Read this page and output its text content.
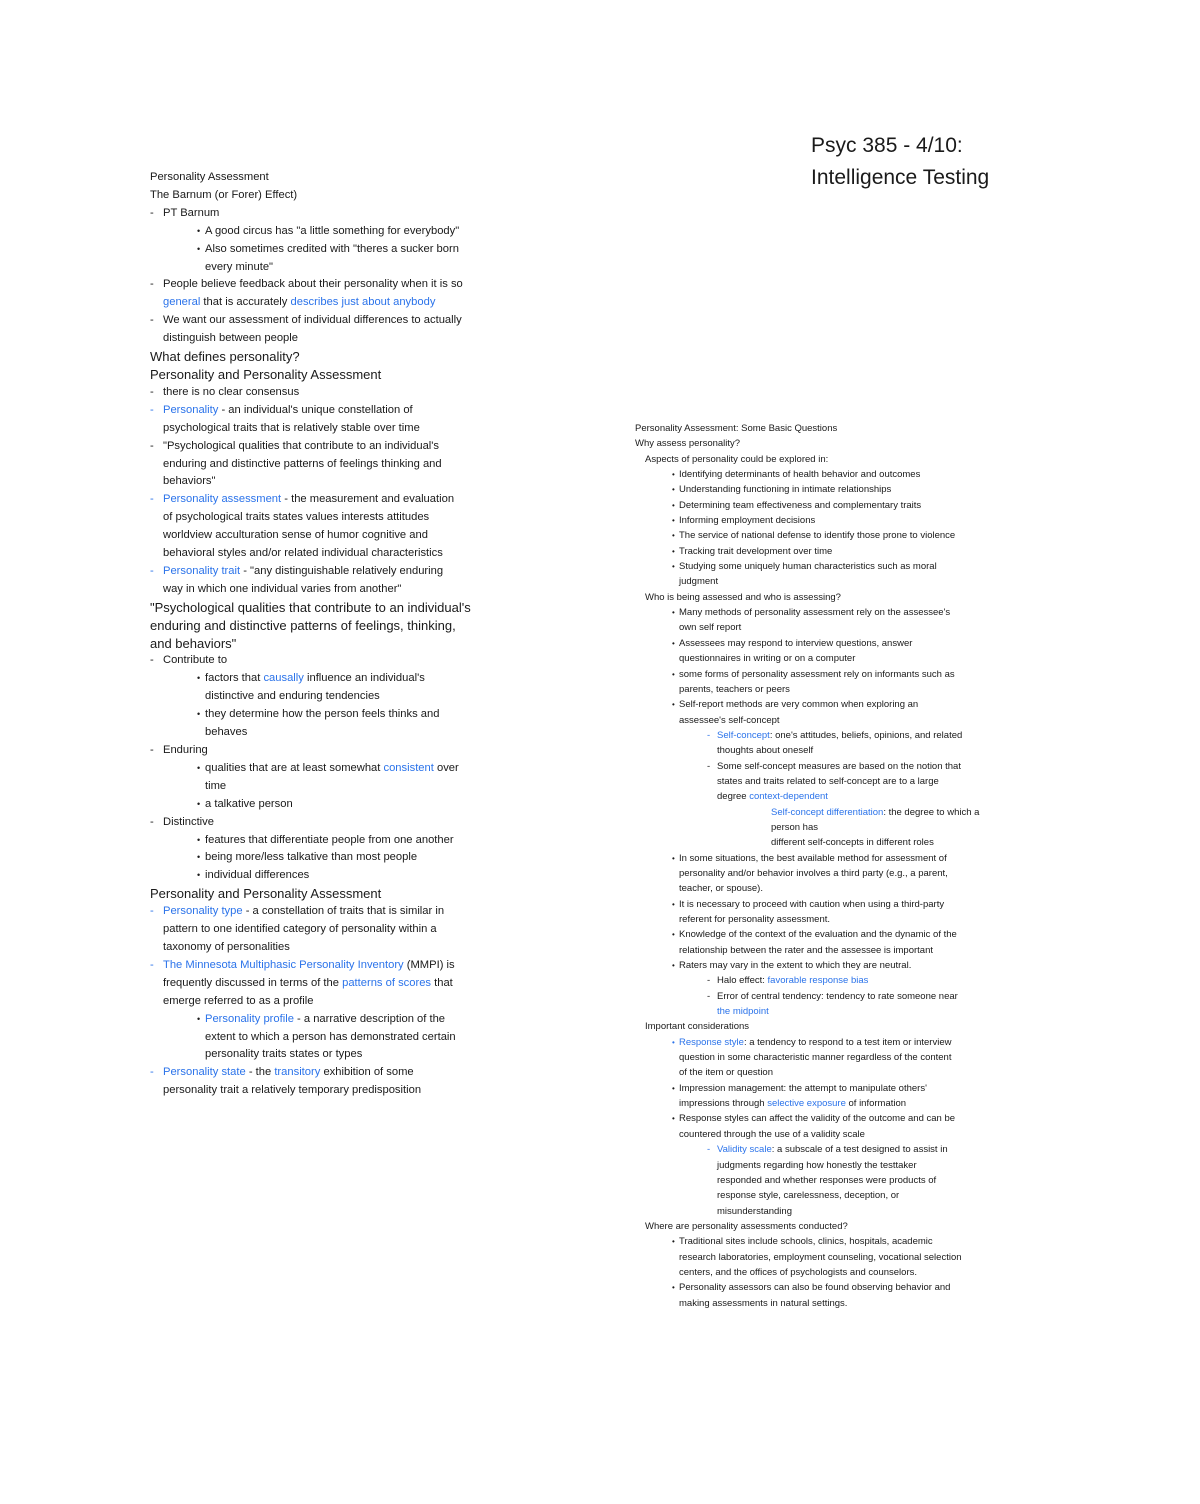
Psyc 385 - 4/10:
Intelligence Testing
Personality Assessment
The Barnum (or Forer) Effect)
- PT Barnum
• A good circus has "a little something for everybody"
• Also sometimes credited with "theres a sucker born
every minute"
- People believe feedback about their personality when it is so
general that is accurately describes just about anybody
- We want our assessment of individual differences to actually
distinguish between people
What defines personality?
Personality and Personality Assessment
- there is no clear consensus
- Personality - an individual's unique constellation of
psychological traits that is relatively stable over time
- "Psychological qualities that contribute to an individual's
enduring and distinctive patterns of feelings thinking and
behaviors"
- Personality assessment - the measurement and evaluation
of psychological traits states values interests attitudes
worldview acculturation sense of humor cognitive and
behavioral styles and/or related individual characteristics
- Personality trait - "any distinguishable relatively enduring
way in which one individual varies from another"
"Psychological qualities that contribute to an individual's
enduring and distinctive patterns of feelings, thinking,
and behaviors"
- Contribute to
• factors that causally influence an individual's
distinctive and enduring tendencies
• they determine how the person feels thinks and
behaves
- Enduring
• qualities that are at least somewhat consistent over
time
• a talkative person
- Distinctive
• features that differentiate people from one another
• being more/less talkative than most people
• individual differences
Personality and Personality Assessment
- Personality type - a constellation of traits that is similar in
pattern to one identified category of personality within a
taxonomy of personalities
- The Minnesota Multiphasic Personality Inventory (MMPI) is
frequently discussed in terms of the patterns of scores that
emerge referred to as a profile
• Personality profile - a narrative description of the
extent to which a person has demonstrated certain
personality traits states or types
- Personality state - the transitory exhibition of some
personality trait a relatively temporary predisposition
Personality Assessment: Some Basic Questions
Why assess personality?
Aspects of personality could be explored in:
• Identifying determinants of health behavior and outcomes
• Understanding functioning in intimate relationships
• Determining team effectiveness and complementary traits
• Informing employment decisions
• The service of national defense to identify those prone to violence
• Tracking trait development over time
• Studying some uniquely human characteristics such as moral
judgment
Who is being assessed and who is assessing?
• Many methods of personality assessment rely on the assessee's
own self report
• Assessees may respond to interview questions, answer
questionnaires in writing or on a computer
• some forms of personality assessment rely on informants such as
parents, teachers or peers
• Self-report methods are very common when exploring an
assessee's self-concept
- Self-concept: one's attitudes, beliefs, opinions, and related
thoughts about oneself
- Some self-concept measures are based on the notion that
states and traits related to self-concept are to a large
degree context-dependent
Self-concept differentiation: the degree to which a
person has
different self-concepts in different roles
• In some situations, the best available method for assessment of
personality and/or behavior involves a third party (e.g., a parent,
teacher, or spouse).
• It is necessary to proceed with caution when using a third-party
referent for personality assessment.
• Knowledge of the context of the evaluation and the dynamic of the
relationship between the rater and the assessee is important
• Raters may vary in the extent to which they are neutral.
- Halo effect: favorable response bias
- Error of central tendency: tendency to rate someone near
the midpoint
Important considerations
• Response style: a tendency to respond to a test item or interview
question in some characteristic manner regardless of the content
of the item or question
• Impression management: the attempt to manipulate others'
impressions through selective exposure of information
• Response styles can affect the validity of the outcome and can be
countered through the use of a validity scale
- Validity scale: a subscale of a test designed to assist in
judgments regarding how honestly the testtaker
responded and whether responses were products of
response style, carelessness, deception, or
misunderstanding
Where are personality assessments conducted?
• Traditional sites include schools, clinics, hospitals, academic
research laboratories, employment counseling, vocational selection
centers, and the offices of psychologists and counselors.
• Personality assessors can also be found observing behavior and
making assessments in natural settings.
